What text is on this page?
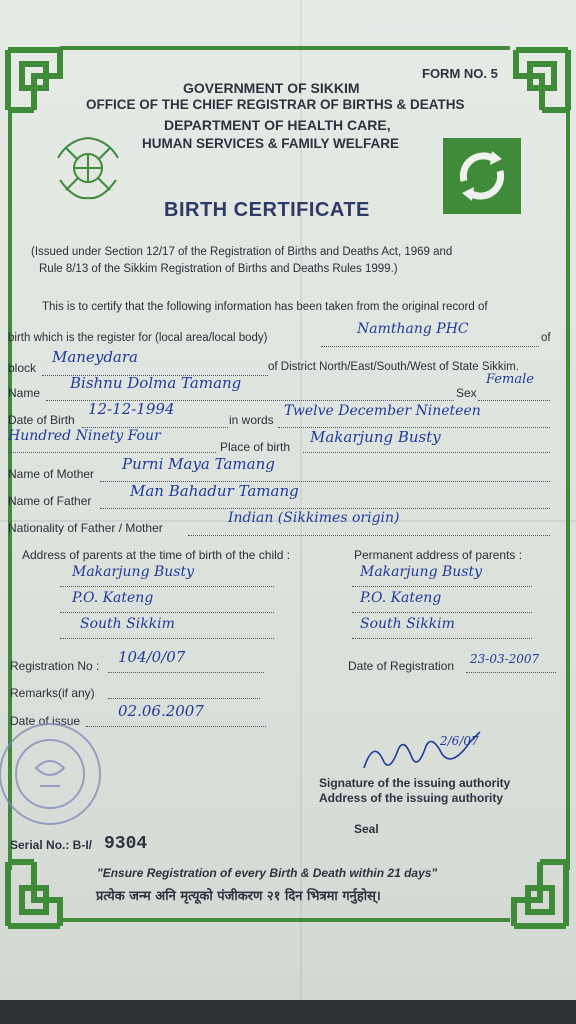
GOVERNMENT OF SIKKIM
FORM NO. 5
OFFICE OF THE CHIEF REGISTRAR OF BIRTHS & DEATHS
DEPARTMENT OF HEALTH CARE,
HUMAN SERVICES & FAMILY WELFARE
BIRTH CERTIFICATE
(Issued under Section 12/17 of the Registration of Births and Deaths Act, 1969 and
Rule 8/13 of the Sikkim Registration of Births and Deaths Rules 1999.)
This is to certify that the following information has been taken from the original record of
birth which is the register for (local area/local body)
Namthang PHC
of
block
Maneydara
of District North/East/South/West of State Sikkim.
Name
Bishnu Dolma Tamang
Sex
Female
Date of Birth
12-12-1994
in words
Twelve December Nineteen
Hundred Ninety Four
Place of birth
Makarjung Busty
Name of Mother
Purni Maya Tamang
Name of Father
Man Bahadur Tamang
Nationality of Father / Mother
Indian (Sikkimes origin)
Address of parents at the time of birth of the child :	Permanent address of parents :
Makarjung Busty
P.O. Kateng
South Sikkim
Makarjung Busty
P.O. Kateng
South Sikkim
Registration No : 104/0/07	Date of Registration 23-03-2007
Remarks(if any)
Date of issue
02.06.2007
2/6/07
Signature of the issuing authority
Address of the issuing authority
Seal
Serial No.: B-I/ 9304
"Ensure Registration of every Birth & Death within 21 days"
प्रत्येक जन्म अनि मृत्यूको पंजीकरण २१ दिन भित्रमा गर्नुहोस्।
